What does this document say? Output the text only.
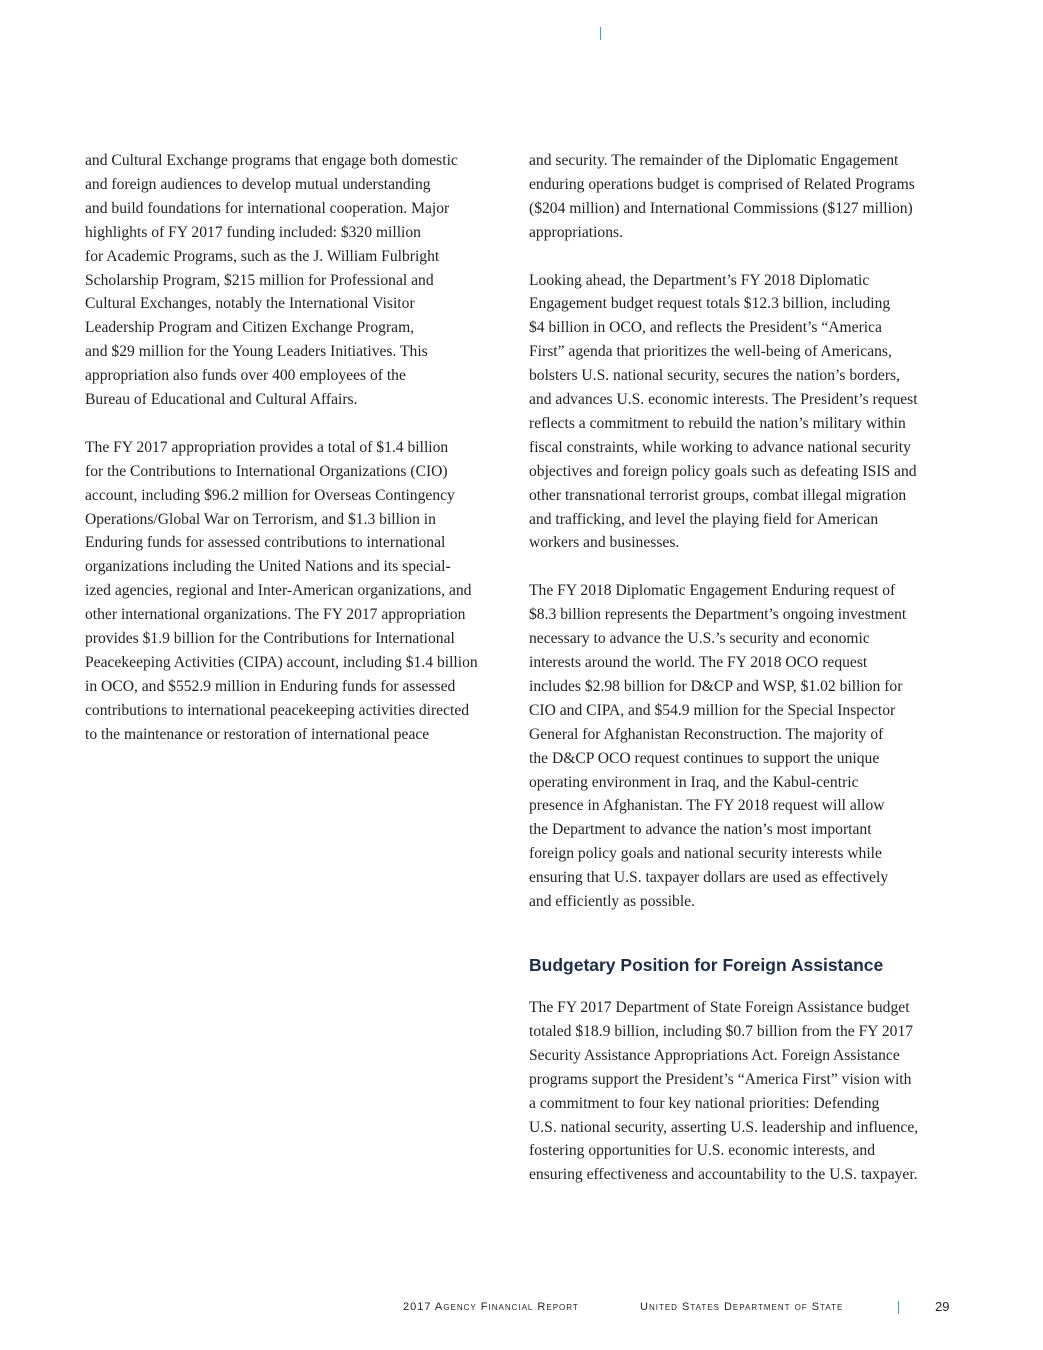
and Cultural Exchange programs that engage both domestic
and foreign audiences to develop mutual understanding
and build foundations for international cooperation. Major
highlights of FY 2017 funding included: $320 million
for Academic Programs, such as the J. William Fulbright
Scholarship Program, $215 million for Professional and
Cultural Exchanges, notably the International Visitor
Leadership Program and Citizen Exchange Program,
and $29 million for the Young Leaders Initiatives. This
appropriation also funds over 400 employees of the
Bureau of Educational and Cultural Affairs.
The FY 2017 appropriation provides a total of $1.4 billion
for the Contributions to International Organizations (CIO)
account, including $96.2 million for Overseas Contingency
Operations/Global War on Terrorism, and $1.3 billion in
Enduring funds for assessed contributions to international
organizations including the United Nations and its special-
ized agencies, regional and Inter-American organizations, and
other international organizations. The FY 2017 appropriation
provides $1.9 billion for the Contributions for International
Peacekeeping Activities (CIPA) account, including $1.4 billion
in OCO, and $552.9 million in Enduring funds for assessed
contributions to international peacekeeping activities directed
to the maintenance or restoration of international peace
and security. The remainder of the Diplomatic Engagement
enduring operations budget is comprised of Related Programs
($204 million) and International Commissions ($127 million)
appropriations.
Looking ahead, the Department’s FY 2018 Diplomatic
Engagement budget request totals $12.3 billion, including
$4 billion in OCO, and reflects the President’s “America
First” agenda that prioritizes the well-being of Americans,
bolsters U.S. national security, secures the nation’s borders,
and advances U.S. economic interests. The President’s request
reflects a commitment to rebuild the nation’s military within
fiscal constraints, while working to advance national security
objectives and foreign policy goals such as defeating ISIS and
other transnational terrorist groups, combat illegal migration
and trafficking, and level the playing field for American
workers and businesses.
The FY 2018 Diplomatic Engagement Enduring request of
$8.3 billion represents the Department’s ongoing investment
necessary to advance the U.S.’s security and economic
interests around the world. The FY 2018 OCO request
includes $2.98 billion for D&CP and WSP, $1.02 billion for
CIO and CIPA, and $54.9 million for the Special Inspector
General for Afghanistan Reconstruction. The majority of
the D&CP OCO request continues to support the unique
operating environment in Iraq, and the Kabul-centric
presence in Afghanistan. The FY 2018 request will allow
the Department to advance the nation’s most important
foreign policy goals and national security interests while
ensuring that U.S. taxpayer dollars are used as effectively
and efficiently as possible.
Budgetary Position for Foreign Assistance
The FY 2017 Department of State Foreign Assistance budget
totaled $18.9 billion, including $0.7 billion from the FY 2017
Security Assistance Appropriations Act. Foreign Assistance
programs support the President’s “America First” vision with
a commitment to four key national priorities: Defending
U.S. national security, asserting U.S. leadership and influence,
fostering opportunities for U.S. economic interests, and
ensuring effectiveness and accountability to the U.S. taxpayer.
2017 Agency Financial Report	United States Department of State	29
